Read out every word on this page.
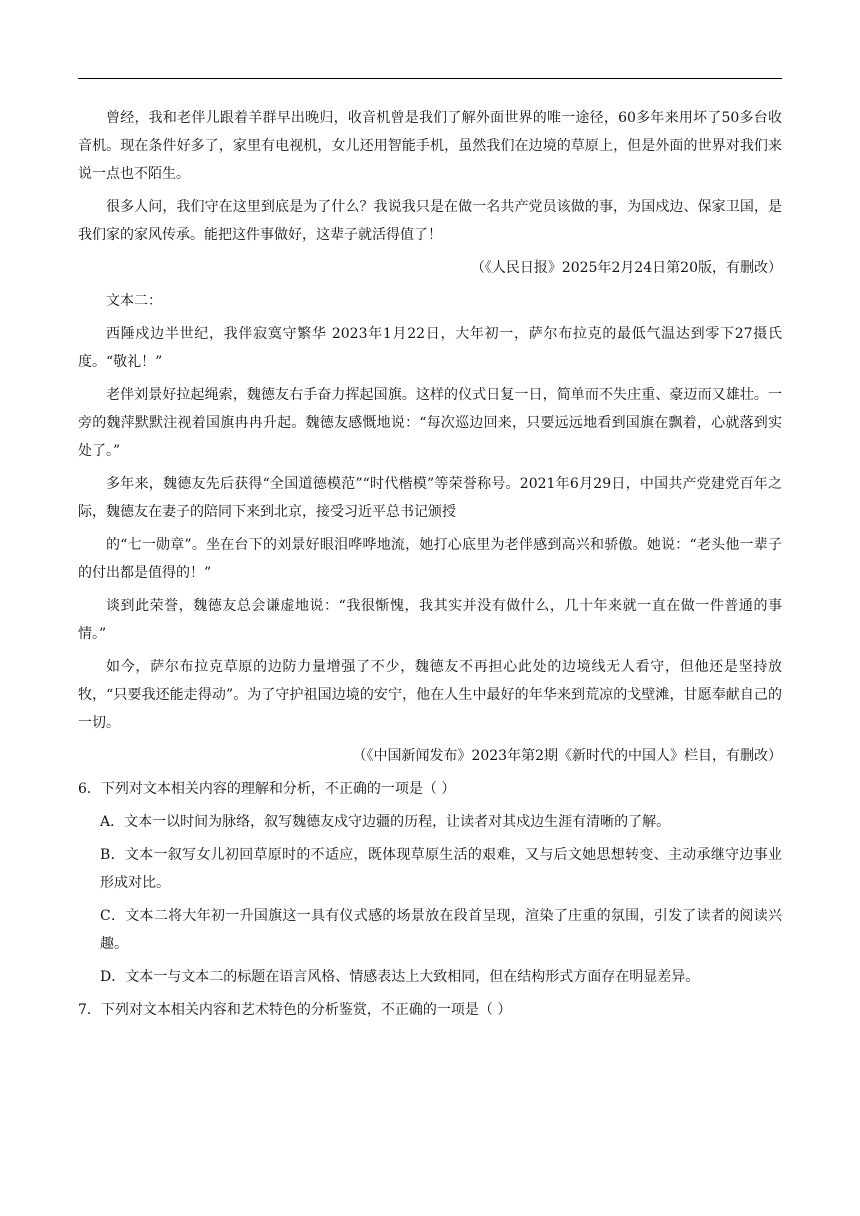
曾经，我和老伴儿跟着羊群早出晚归，收音机曾是我们了解外面世界的唯一途径，60多年来用坏了50多台收音机。现在条件好多了，家里有电视机，女儿还用智能手机，虽然我们在边境的草原上，但是外面的世界对我们来说一点也不陌生。

很多人问，我们守在这里到底是为了什么？我说我只是在做一名共产党员该做的事，为国戍边、保家卫国，是我们家的家风传承。能把这件事做好，这辈子就活得值了！

（《人民日报》2025年2月24日第20版，有删改）

文本二：

西陲戍边半世纪，我伴寂寞守繁华 2023年1月22日，大年初一，萨尔布拉克的最低气温达到零下27摄氏度。“敬礼！”

老伴刘景好拉起绳索，魏德友右手奋力挥起国旗。这样的仪式日复一日，简单而不失庄重、豪迈而又雄壮。一旁的魏萍默默注视着国旗冉冉升起。魏德友感慨地说：“每次巡边回来，只要远远地看到国旗在飘着，心就落到实处了。”

多年来，魏德友先后获得“全国道德模范”“时代楷模”等荣誉称号。2021年6月29日，中国共产党建党百年之际，魏德友在妻子的陪同下来到北京，接受习近平总书记颁授

的“七一勋章”。坐在台下的刘景好眼泪哗哗地流，她打心底里为老伴感到高兴和骄傲。她说：“老头他一辈子的付出都是值得的！”

谈到此荣誉，魏德友总会谦虚地说：“我很惭愧，我其实并没有做什么，几十年来就一直在做一件普通的事情。”

如今，萨尔布拉克草原的边防力量增强了不少，魏德友不再担心此处的边境线无人看守，但他还是坚持放牧，“只要我还能走得动”。为了守护祖国边境的安宁，他在人生中最好的年华来到荒凉的戈壁滩，甘愿奉献自己的一切。

（《中国新闻发布》2023年第2期《新时代的中国人》栏目，有删改）

6．下列对文本相关内容的理解和分析，不正确的一项是（ ）

A．文本一以时间为脉络，叙写魏德友戍守边疆的历程，让读者对其戍边生涯有清晰的了解。

B．文本一叙写女儿初回草原时的不适应，既体现草原生活的艰难，又与后文她思想转变、主动承继守边事业形成对比。

C．文本二将大年初一升国旗这一具有仪式感的场景放在段首呈现，渲染了庄重的氛围，引发了读者的阅读兴趣。

D．文本一与文本二的标题在语言风格、情感表达上大致相同，但在结构形式方面存在明显差异。

7．下列对文本相关内容和艺术特色的分析鉴赏，不正确的一项是（ ）
